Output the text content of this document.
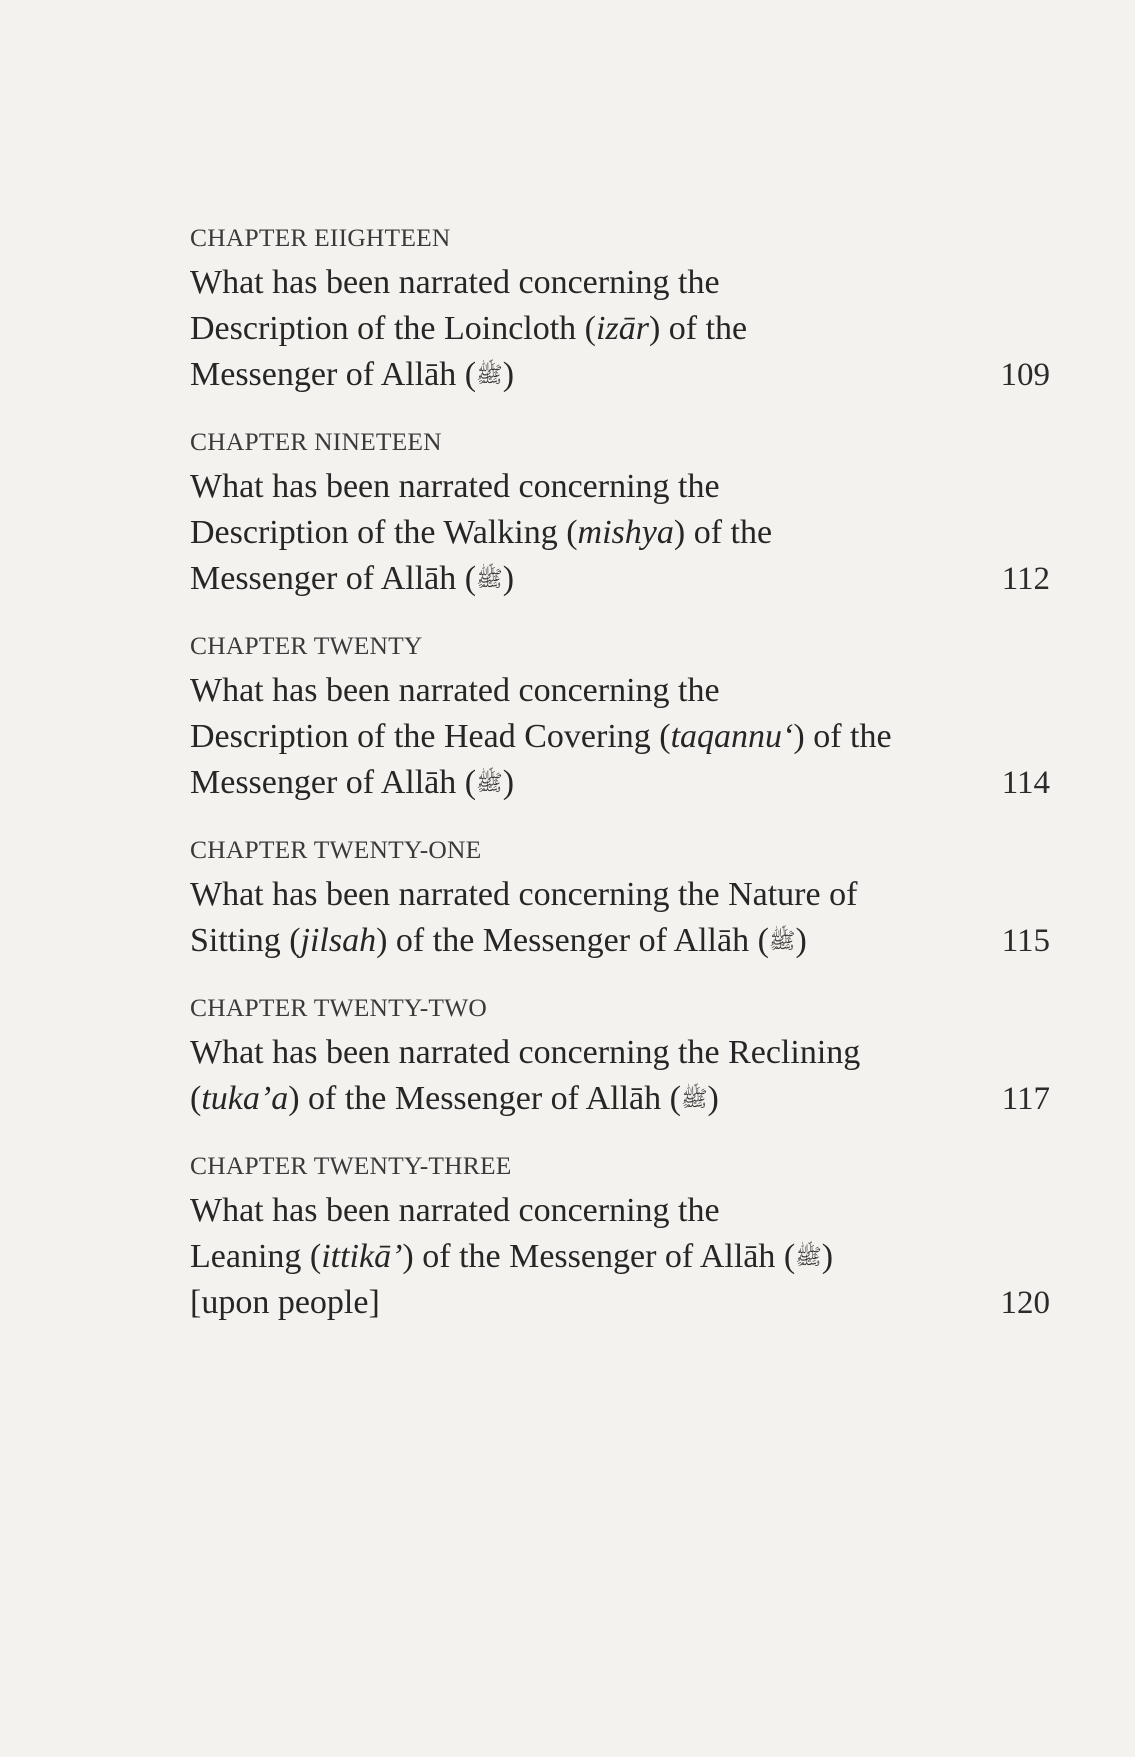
CHAPTER EIIGHTEEN
What has been narrated concerning the
Description of the Loincloth (izār) of the
Messenger of Allāh (ﷺ)	109
CHAPTER NINETEEN
What has been narrated concerning the
Description of the Walking (mishya) of the
Messenger of Allāh (ﷺ)	112
CHAPTER TWENTY
What has been narrated concerning the
Description of the Head Covering (taqannu‘) of the
Messenger of Allāh (ﷺ)	114
CHAPTER TWENTY-ONE
What has been narrated concerning the Nature of
Sitting (jilsah) of the Messenger of Allāh (ﷺ)	115
CHAPTER TWENTY-TWO
What has been narrated concerning the Reclining
(tuka’a) of the Messenger of Allāh (ﷺ)	117
CHAPTER TWENTY-THREE
What has been narrated concerning the
Leaning (ittikā’) of the Messenger of Allāh (ﷺ)
[upon people]	120
